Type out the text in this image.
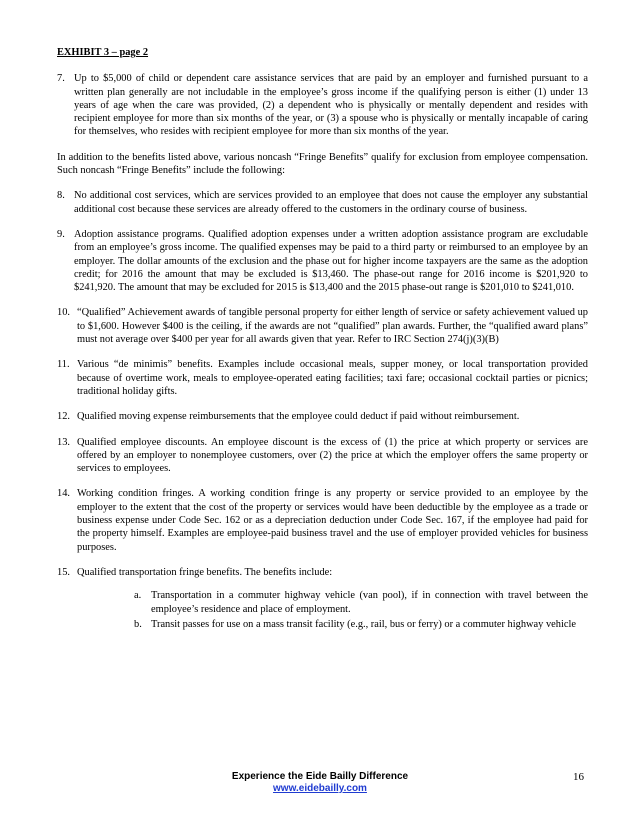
EXHIBIT 3 – page 2
7. Up to $5,000 of child or dependent care assistance services that are paid by an employer and furnished pursuant to a written plan generally are not includable in the employee’s gross income if the qualifying person is either (1) under 13 years of age when the care was provided, (2) a dependent who is physically or mentally dependent and resides with recipient employee for more than six months of the year, or (3) a spouse who is physically or mentally incapable of caring for themselves, who resides with recipient employee for more than six months of the year.

In addition to the benefits listed above, various noncash “Fringe Benefits” qualify for exclusion from employee compensation. Such noncash “Fringe Benefits” include the following:

8. No additional cost services, which are services provided to an employee that does not cause the employer any substantial additional cost because these services are already offered to the customers in the ordinary course of business.
9. Adoption assistance programs. Qualified adoption expenses under a written adoption assistance program are excludable from an employee’s gross income. The qualified expenses may be paid to a third party or reimbursed to an employee by an employer. The dollar amounts of the exclusion and the phase out for higher income taxpayers are the same as the adoption credit; for 2016 the amount that may be excluded is $13,460. The phase-out range for 2016 income is $201,920 to $241,920. The amount that may be excluded for 2015 is $13,400 and the 2015 phase-out range is $201,010 to $241,010.
10. “Qualified” Achievement awards of tangible personal property for either length of service or safety achievement valued up to $1,600. However $400 is the ceiling, if the awards are not “qualified” plan awards. Further, the “qualified award plans” must not average over $400 per year for all awards given that year. Refer to IRC Section 274(j)(3)(B)
11. Various “de minimis” benefits. Examples include occasional meals, supper money, or local transportation provided because of overtime work, meals to employee-operated eating facilities; taxi fare; occasional cocktail parties or picnics; traditional holiday gifts.
12. Qualified moving expense reimbursements that the employee could deduct if paid without reimbursement.
13. Qualified employee discounts. An employee discount is the excess of (1) the price at which property or services are offered by an employer to nonemployee customers, over (2) the price at which the employer offers the same property or services to employees.
14. Working condition fringes. A working condition fringe is any property or service provided to an employee by the employer to the extent that the cost of the property or services would have been deductible by the employee as a trade or business expense under Code Sec. 162 or as a depreciation deduction under Code Sec. 167, if the employee had paid for the property himself. Examples are employee-paid business travel and the use of employer provided vehicles for business purposes.
15. Qualified transportation fringe benefits. The benefits include:
a. Transportation in a commuter highway vehicle (van pool), if in connection with travel between the employee’s residence and place of employment.
b. Transit passes for use on a mass transit facility (e.g., rail, bus or ferry) or a commuter highway vehicle
Experience the Eide Bailly Difference
www.eidebailly.com
16
